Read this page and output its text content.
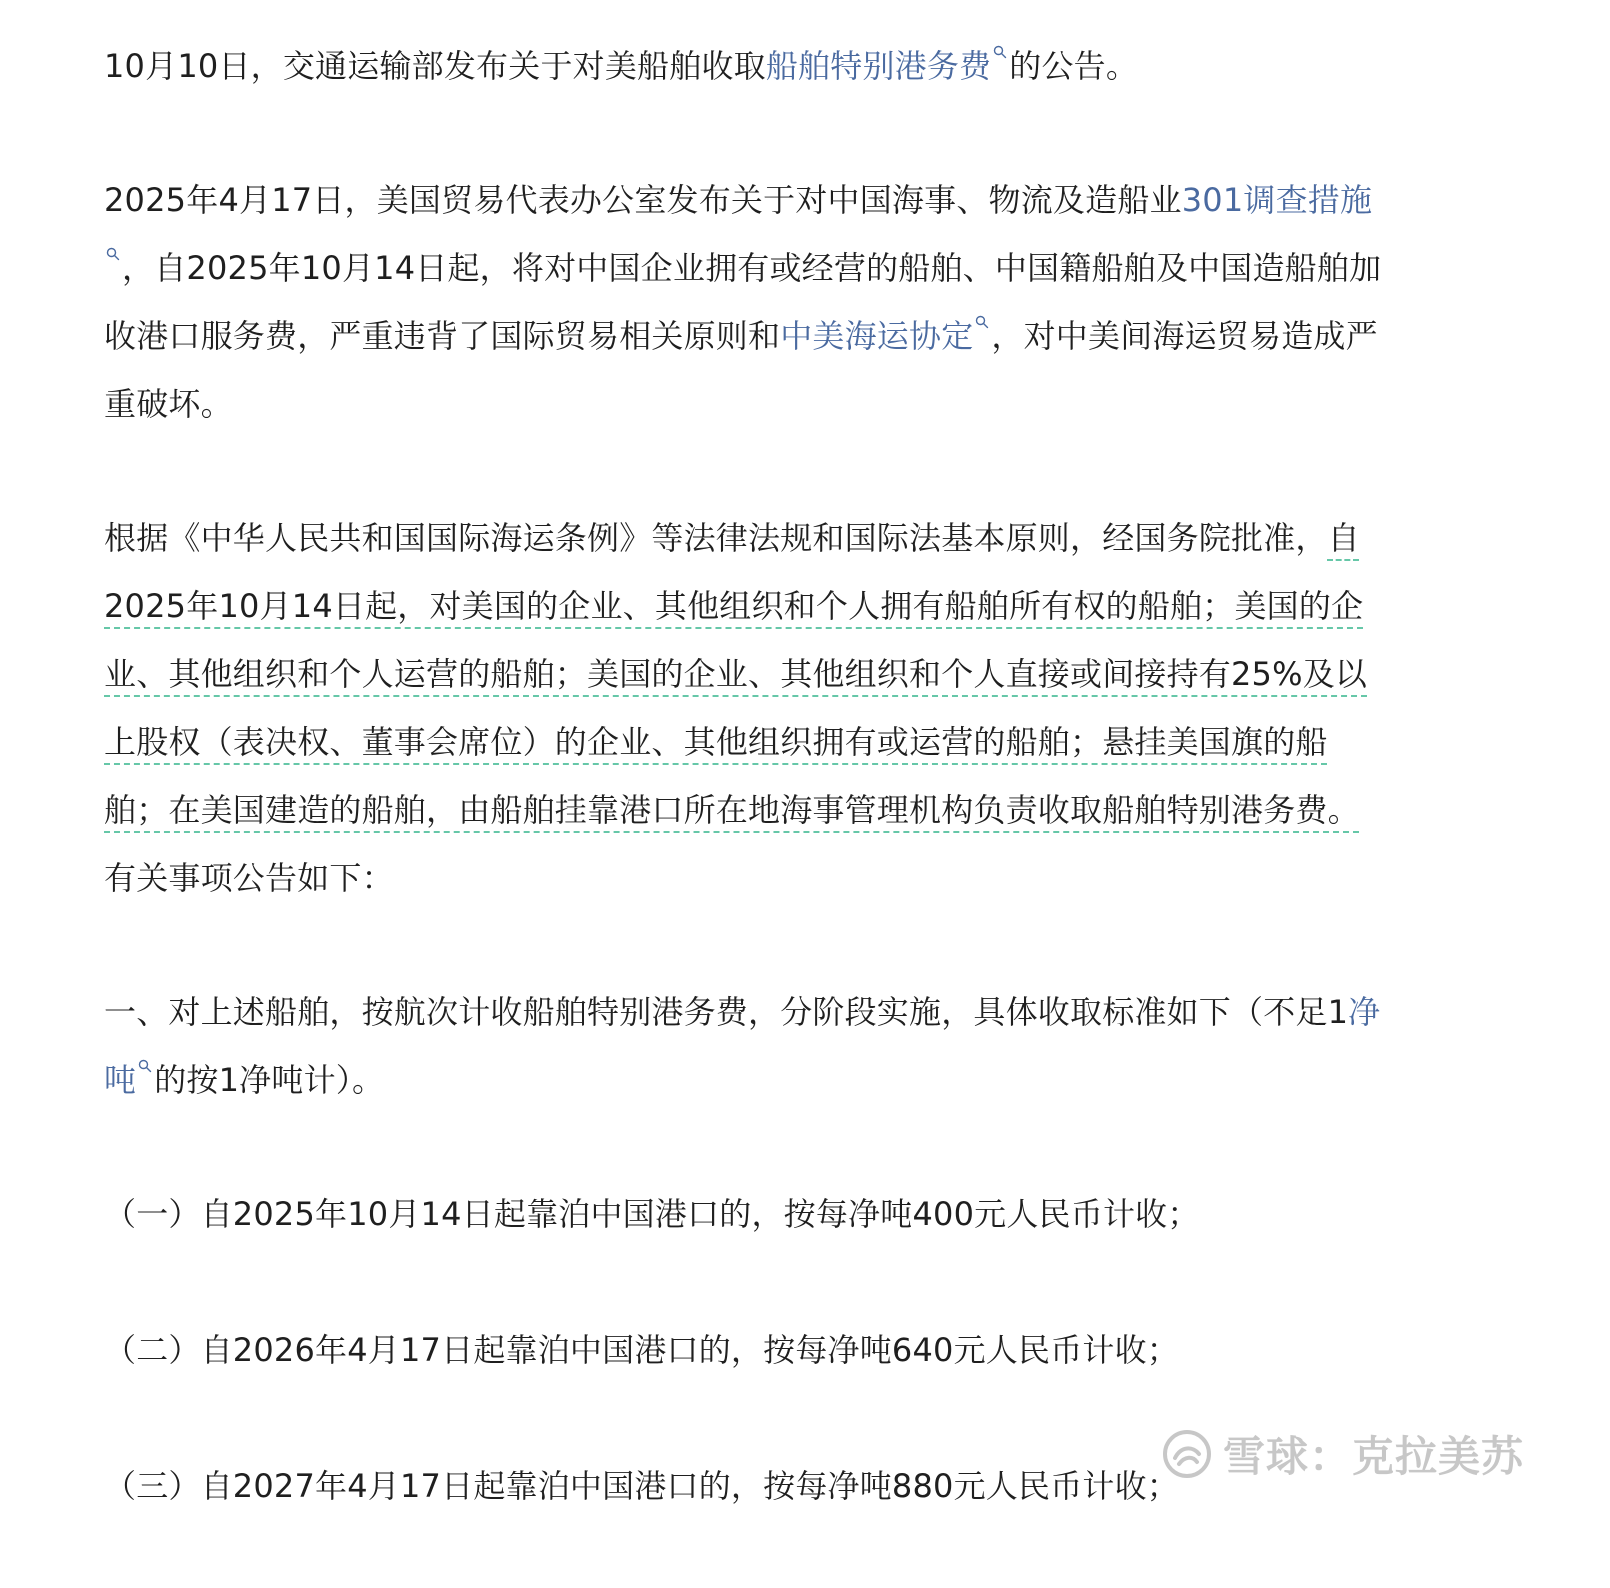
10月10日，交通运输部发布关于对美船舶收取船舶特别港务费 的公告。

2025年4月17日，美国贸易代表办公室发布关于对中国海事、物流及造船业301调查措施，自2025年10月14日起，将对中国企业拥有或经营的船舶、中国籍船舶及中国造船舶加收港口服务费，严重违背了国际贸易相关原则和中美海运协定 ，对中美间海运贸易造成严重破坏。

根据《中华人民共和国国际海运条例》等法律法规和国际法基本原则，经国务院批准，自2025年10月14日起，对美国的企业、其他组织和个人拥有船舶所有权的船舶；美国的企业、其他组织和个人运营的船舶；美国的企业、其他组织和个人直接或间接持有25%及以上股权（表决权、董事会席位）的企业、其他组织拥有或运营的船舶；悬挂美国旗的船舶；在美国建造的船舶，由船舶挂靠港口所在地海事管理机构负责收取船舶特别港务费。有关事项公告如下：

一、对上述船舶，按航次计收船舶特别港务费，分阶段实施，具体收取标准如下（不足1净吨 的按1净吨计）。

（一）自2025年10月14日起靠泊中国港口的，按每净吨400元人民币计收；

（二）自2026年4月17日起靠泊中国港口的，按每净吨640元人民币计收；

（三）自2027年4月17日起靠泊中国港口的，按每净吨880元人民币计收；

雪球：克拉美苏
